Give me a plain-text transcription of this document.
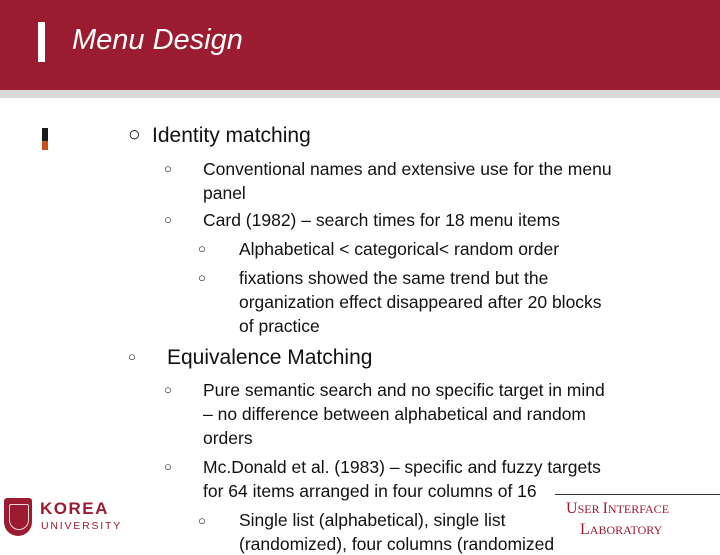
Menu Design
○ Identity matching
○ Conventional names and extensive use for the menu
panel
○ Card (1982) – search times for 18 menu items
○ Alphabetical < categorical< random order
○ fixations showed the same trend but the
organization effect disappeared after 20 blocks
of practice
○ Equivalence Matching
○ Pure semantic search and no specific target in mind
– no difference between alphabetical and random
orders
○ Mc.Donald et al. (1983) – specific and fuzzy targets
for 64 items arranged in four columns of 16
○ Single list (alphabetical), single list
(randomized), four columns (randomized
USER INTERFACE
LABORATORY
KOREA
UNIVERSITY
